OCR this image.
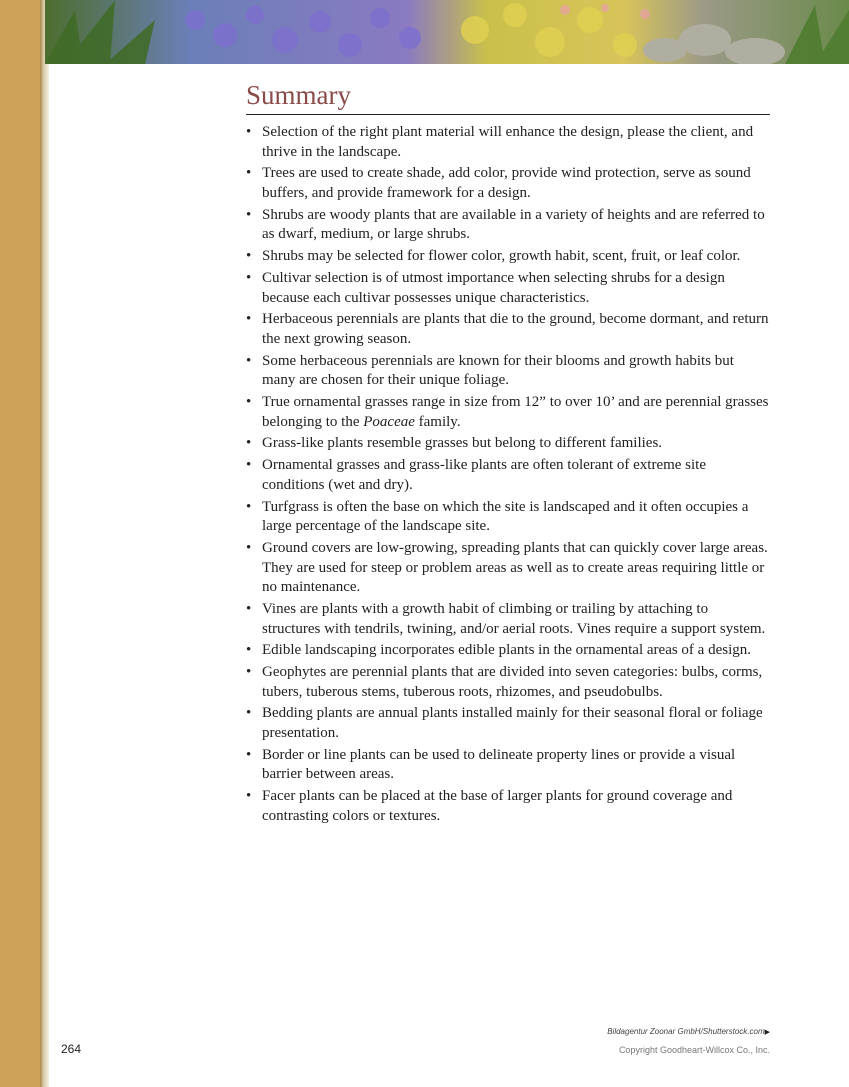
Summary
• Selection of the right plant material will enhance the design, please the client, and thrive in the landscape.
• Trees are used to create shade, add color, provide wind protection, serve as sound buffers, and provide framework for a design.
• Shrubs are woody plants that are available in a variety of heights and are referred to as dwarf, medium, or large shrubs.
• Shrubs may be selected for flower color, growth habit, scent, fruit, or leaf color.
• Cultivar selection is of utmost importance when selecting shrubs for a design because each cultivar possesses unique characteristics.
• Herbaceous perennials are plants that die to the ground, become dormant, and return the next growing season.
• Some herbaceous perennials are known for their blooms and growth habits but many are chosen for their unique foliage.
• True ornamental grasses range in size from 12” to over 10’ and are perennial grasses belonging to the Poaceae family.
• Grass-like plants resemble grasses but belong to different families.
• Ornamental grasses and grass-like plants are often tolerant of extreme site conditions (wet and dry).
• Turfgrass is often the base on which the site is landscaped and it often occupies a large percentage of the landscape site.
• Ground covers are low-growing, spreading plants that can quickly cover large areas. They are used for steep or problem areas as well as to create areas requiring little or no maintenance.
• Vines are plants with a growth habit of climbing or trailing by attaching to structures with tendrils, twining, and/or aerial roots. Vines require a support system.
• Edible landscaping incorporates edible plants in the ornamental areas of a design.
• Geophytes are perennial plants that are divided into seven categories: bulbs, corms, tubers, tuberous stems, tuberous roots, rhizomes, and pseudobulbs.
• Bedding plants are annual plants installed mainly for their seasonal floral or foliage presentation.
• Border or line plants can be used to delineate property lines or provide a visual barrier between areas.
• Facer plants can be placed at the base of larger plants for ground coverage and contrasting colors or textures.
Bildagentur Zoonar GmbH/Shutterstock.com▶
264	Copyright Goodheart-Willcox Co., Inc.
